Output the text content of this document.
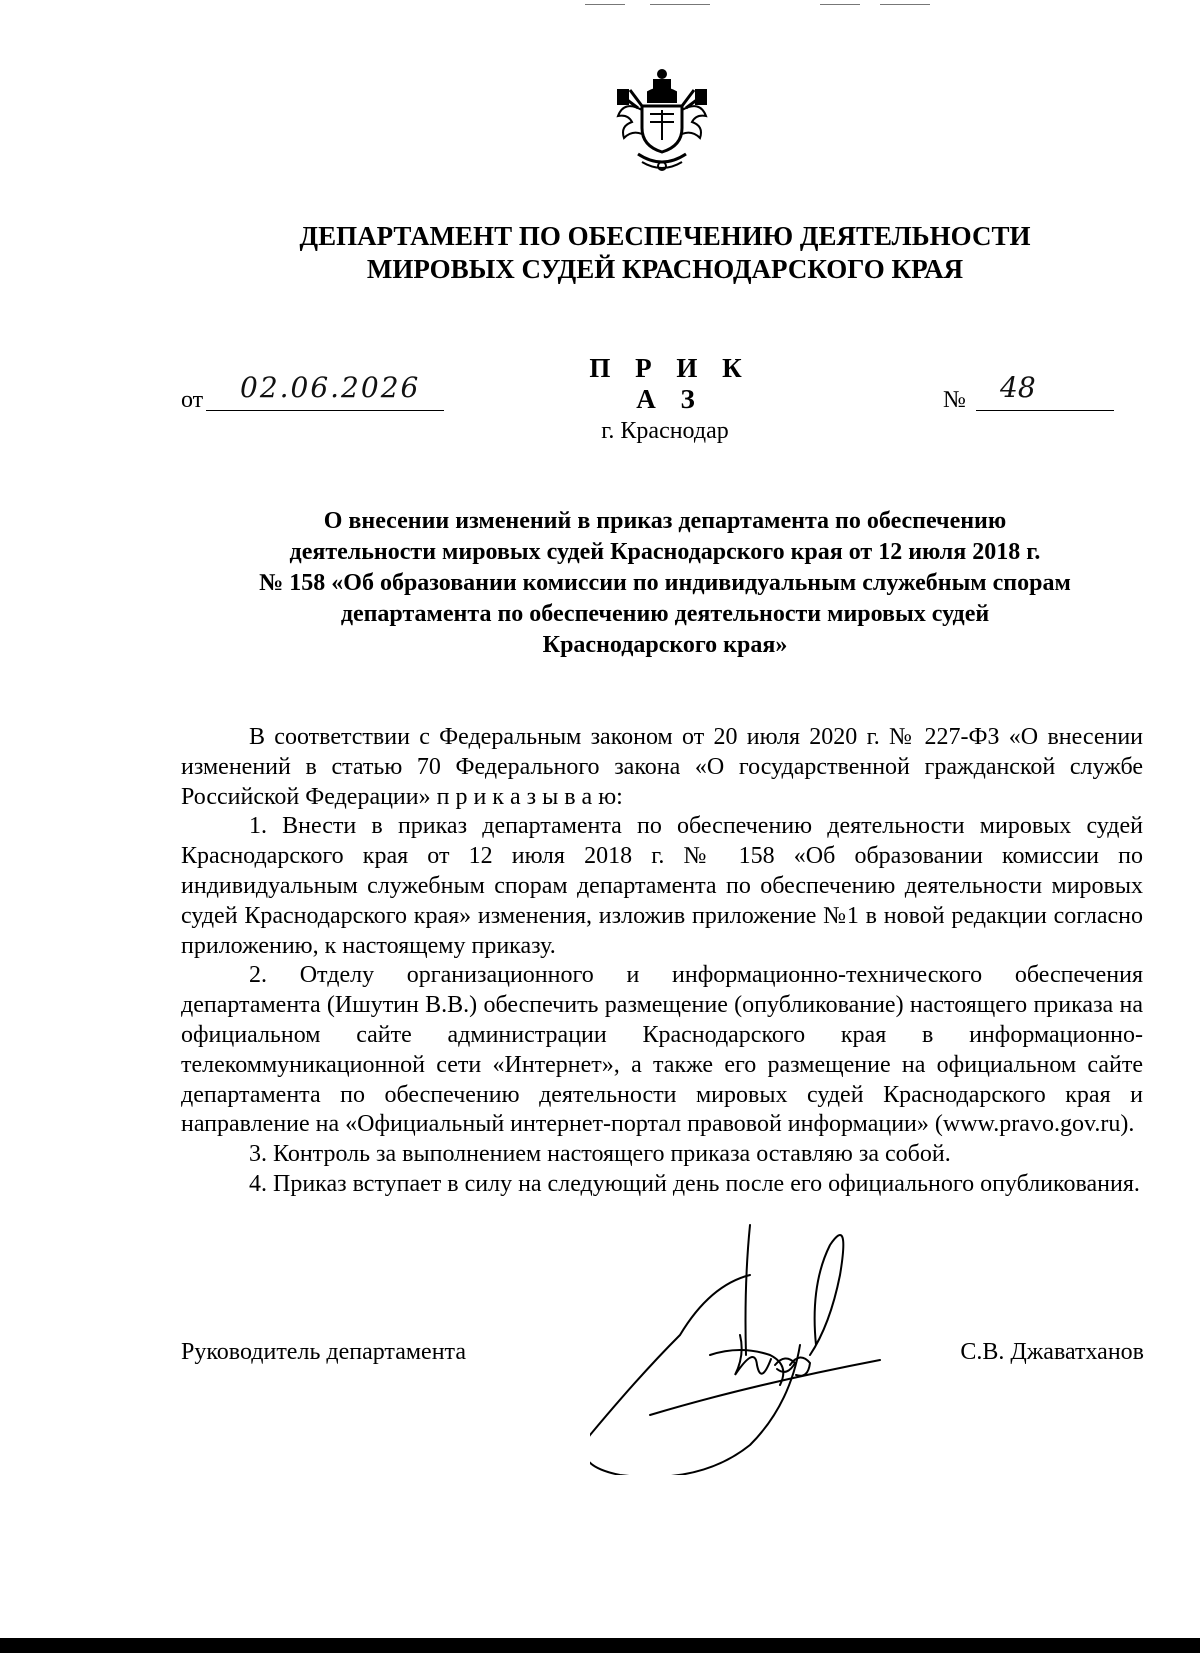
ДЕПАРТАМЕНТ ПО ОБЕСПЕЧЕНИЮ ДЕЯТЕЛЬНОСТИ
МИРОВЫХ СУДЕЙ КРАСНОДАРСКОГО КРАЯ
П Р И К А З
от 02.06.2026	№ 48
г. Краснодар
О внесении изменений в приказ департамента по обеспечению
деятельности мировых судей Краснодарского края от 12 июля 2018 г.
№ 158 «Об образовании комиссии по индивидуальным служебным спорам
департамента по обеспечению деятельности мировых судей
Краснодарского края»

В соответствии с Федеральным законом от 20 июля 2020 г. № 227-ФЗ «О внесении изменений в статью 70 Федерального закона «О государственной гражданской службе Российской Федерации» п р и к а з ы в а ю:

1. Внести в приказ департамента по обеспечению деятельности мировых судей Краснодарского края от 12 июля 2018 г. № 158 «Об образовании комиссии по индивидуальным служебным спорам департамента по обеспечению деятельности мировых судей Краснодарского края» изменения, изложив приложение №1 в новой редакции согласно приложению, к настоящему приказу.

2. Отделу организационного и информационно-технического обеспечения департамента (Ишутин В.В.) обеспечить размещение (опубликование) настоящего приказа на официальном сайте администрации Краснодарского края в информационно-телекоммуникационной сети «Интернет», а также его размещение на официальном сайте департамента по обеспечению деятельности мировых судей Краснодарского края и направление на «Официальный интернет-портал правовой информации» (www.pravo.gov.ru).

3. Контроль за выполнением настоящего приказа оставляю за собой.

4. Приказ вступает в силу на следующий день после его официального опубликования.

Руководитель департамента	С.В. Джаватханов
